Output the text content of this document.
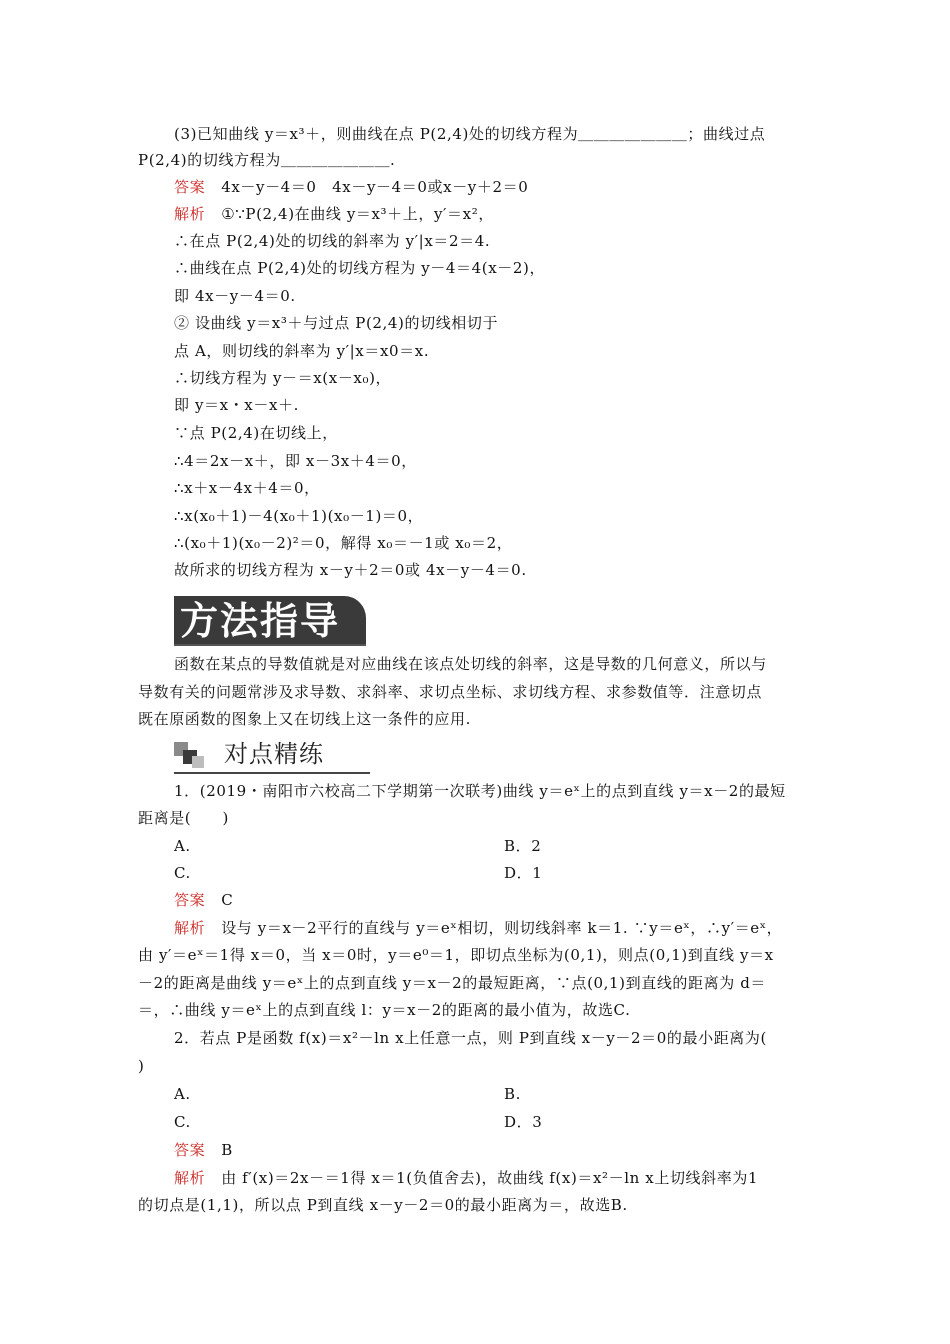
(3)已知曲线 y＝x³＋，则曲线在点 P(2,4)处的切线方程为＿＿＿＿＿＿＿；曲线过点
P(2,4)的切线方程为＿＿＿＿＿＿＿.
答案 4x－y－4＝0　4x－y－4＝0或x－y＋2＝0
解析 ①∵P(2,4)在曲线 y＝x³＋上，y′＝x²，
∴在点 P(2,4)处的切线的斜率为 y′|x＝2＝4.
∴曲线在点 P(2,4)处的切线方程为 y－4＝4(x－2)，
即 4x－y－4＝0.
② 设曲线 y＝x³＋与过点 P(2,4)的切线相切于
点 A，则切线的斜率为 y′|x＝x0＝x.
∴切线方程为 y－＝x(x－x₀)，
即 y＝x・x－x＋.
∵点 P(2,4)在切线上，
∴4＝2x－x＋，即 x－3x＋4＝0，
∴x＋x－4x＋4＝0，
∴x(x₀＋1)－4(x₀＋1)(x₀－1)＝0，
∴(x₀＋1)(x₀－2)²＝0，解得 x₀＝－1或 x₀＝2，
故所求的切线方程为 x－y＋2＝0或 4x－y－4＝0.
函数在某点的导数值就是对应曲线在该点处切线的斜率，这是导数的几何意义，所以与
导数有关的问题常涉及求导数、求斜率、求切点坐标、求切线方程、求参数值等．注意切点
既在原函数的图象上又在切线上这一条件的应用.
1．(2019・南阳市六校高二下学期第一次联考)曲线 y＝eˣ上的点到直线 y＝x－2的最短
距离是(　　)
A.	B．2
C.	D．1
答案 C
解析 设与 y＝x－2平行的直线与 y＝eˣ相切，则切线斜率 k＝1. ∵y＝eˣ，∴y′＝eˣ，
由 y′＝eˣ＝1得 x＝0，当 x＝0时，y＝e⁰＝1，即切点坐标为(0,1)，则点(0,1)到直线 y＝x
－2的距离是曲线 y＝eˣ上的点到直线 y＝x－2的最短距离，∵点(0,1)到直线的距离为 d＝
＝，∴曲线 y＝eˣ上的点到直线 l：y＝x－2的距离的最小值为，故选C.
2．若点 P是函数 f(x)＝x²－ln x上任意一点，则 P到直线 x－y－2＝0的最小距离为(
)
A.	B.
C.	D．3
答案 B
解析 由 f′(x)＝2x－＝1得 x＝1(负值舍去)，故曲线 f(x)＝x²－ln x上切线斜率为1
的切点是(1,1)，所以点 P到直线 x－y－2＝0的最小距离为＝，故选B.
方法指导
对点精练
